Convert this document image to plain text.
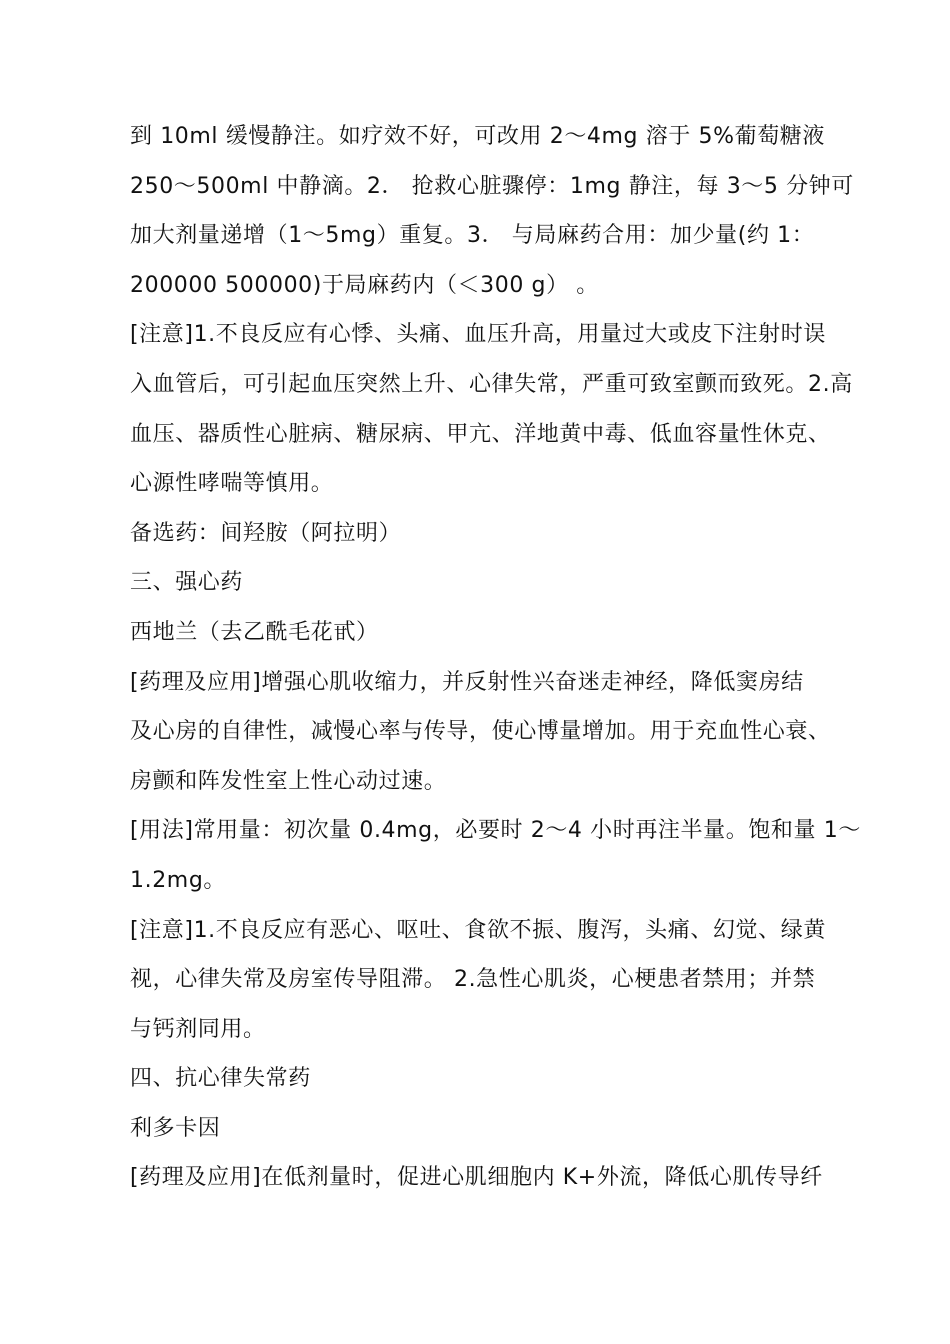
到 10ml 缓慢静注。如疗效不好，可改用 2～4mg 溶于 5%葡萄糖液
250～500ml 中静滴。2． 抢救心脏骤停：1mg 静注，每 3～5 分钟可
加大剂量递增（1～5mg）重复。3． 与局麻药合用：加少量(约 1：
200000 500000)于局麻药内（＜300 g） 。
[注意]1.不良反应有心悸、头痛、血压升高，用量过大或皮下注射时误
入血管后，可引起血压突然上升、心律失常，严重可致室颤而致死。2.高
血压、器质性心脏病、糖尿病、甲亢、洋地黄中毒、低血容量性休克、
心源性哮喘等慎用。
备选药：间羟胺（阿拉明）
三、强心药
西地兰（去乙酰毛花甙）
[药理及应用]增强心肌收缩力，并反射性兴奋迷走神经，降低窦房结
及心房的自律性，减慢心率与传导，使心博量增加。用于充血性心衰、
房颤和阵发性室上性心动过速。
[用法]常用量：初次量 0.4mg，必要时 2～4 小时再注半量。饱和量 1～
1.2mg。
[注意]1.不良反应有恶心、呕吐、食欲不振、腹泻，头痛、幻觉、绿黄
视，心律失常及房室传导阻滞。 2.急性心肌炎，心梗患者禁用；并禁
与钙剂同用。
四、抗心律失常药
利多卡因
[药理及应用]在低剂量时，促进心肌细胞内 K+外流，降低心肌传导纤
